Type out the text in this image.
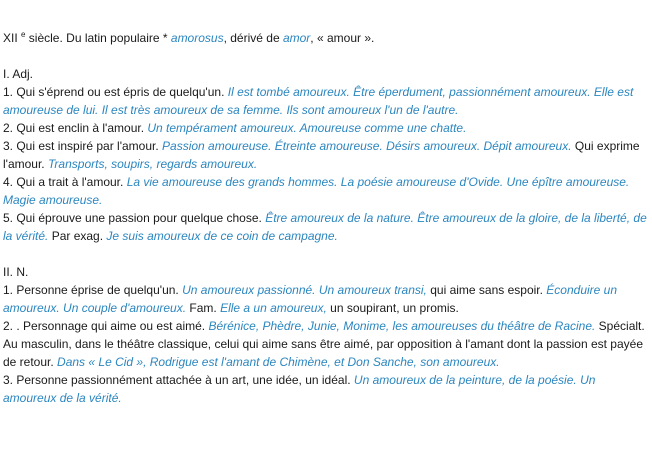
XII $^e$ siècle. Du latin populaire * amorosus, dérivé de amor, « amour ».

I. Adj.

1. Qui s'éprend ou est épris de quelqu'un. Il est tombé amoureux. Être éperdument, passionnément amoureux. Elle est amoureuse de lui. Il est très amoureux de sa femme. Ils sont amoureux l'un de l'autre.

2. Qui est enclin à l'amour. Un tempérament amoureux. Amoureuse comme une chatte.

3. Qui est inspiré par l'amour. Passion amoureuse. Étreinte amoureuse. Désirs amoureux. Dépit amoureux. Qui exprime l'amour. Transports, soupirs, regards amoureux.

4. Qui a trait à l'amour. La vie amoureuse des grands hommes. La poésie amoureuse d'Ovide. Une épître amoureuse. Magie amoureuse.

5. Qui éprouve une passion pour quelque chose. Être amoureux de la nature. Être amoureux de la gloire, de la liberté, de la vérité. Par exag. Je suis amoureux de ce coin de campagne.

II. N.

1. Personne éprise de quelqu'un. Un amoureux passionné. Un amoureux transi, qui aime sans espoir. Éconduire un amoureux. Un couple d'amoureux. Fam. Elle a un amoureux, un soupirant, un promis.

2. . Personnage qui aime ou est aimé. Bérénice, Phèdre, Junie, Monime, les amoureuses du théâtre de Racine. Spécialt. Au masculin, dans le théâtre classique, celui qui aime sans être aimé, par opposition à l'amant dont la passion est payée de retour. Dans « Le Cid », Rodrigue est l'amant de Chimène, et Don Sanche, son amoureux.

3. Personne passionnément attachée à un art, une idée, un idéal. Un amoureux de la peinture, de la poésie. Un amoureux de la vérité.
